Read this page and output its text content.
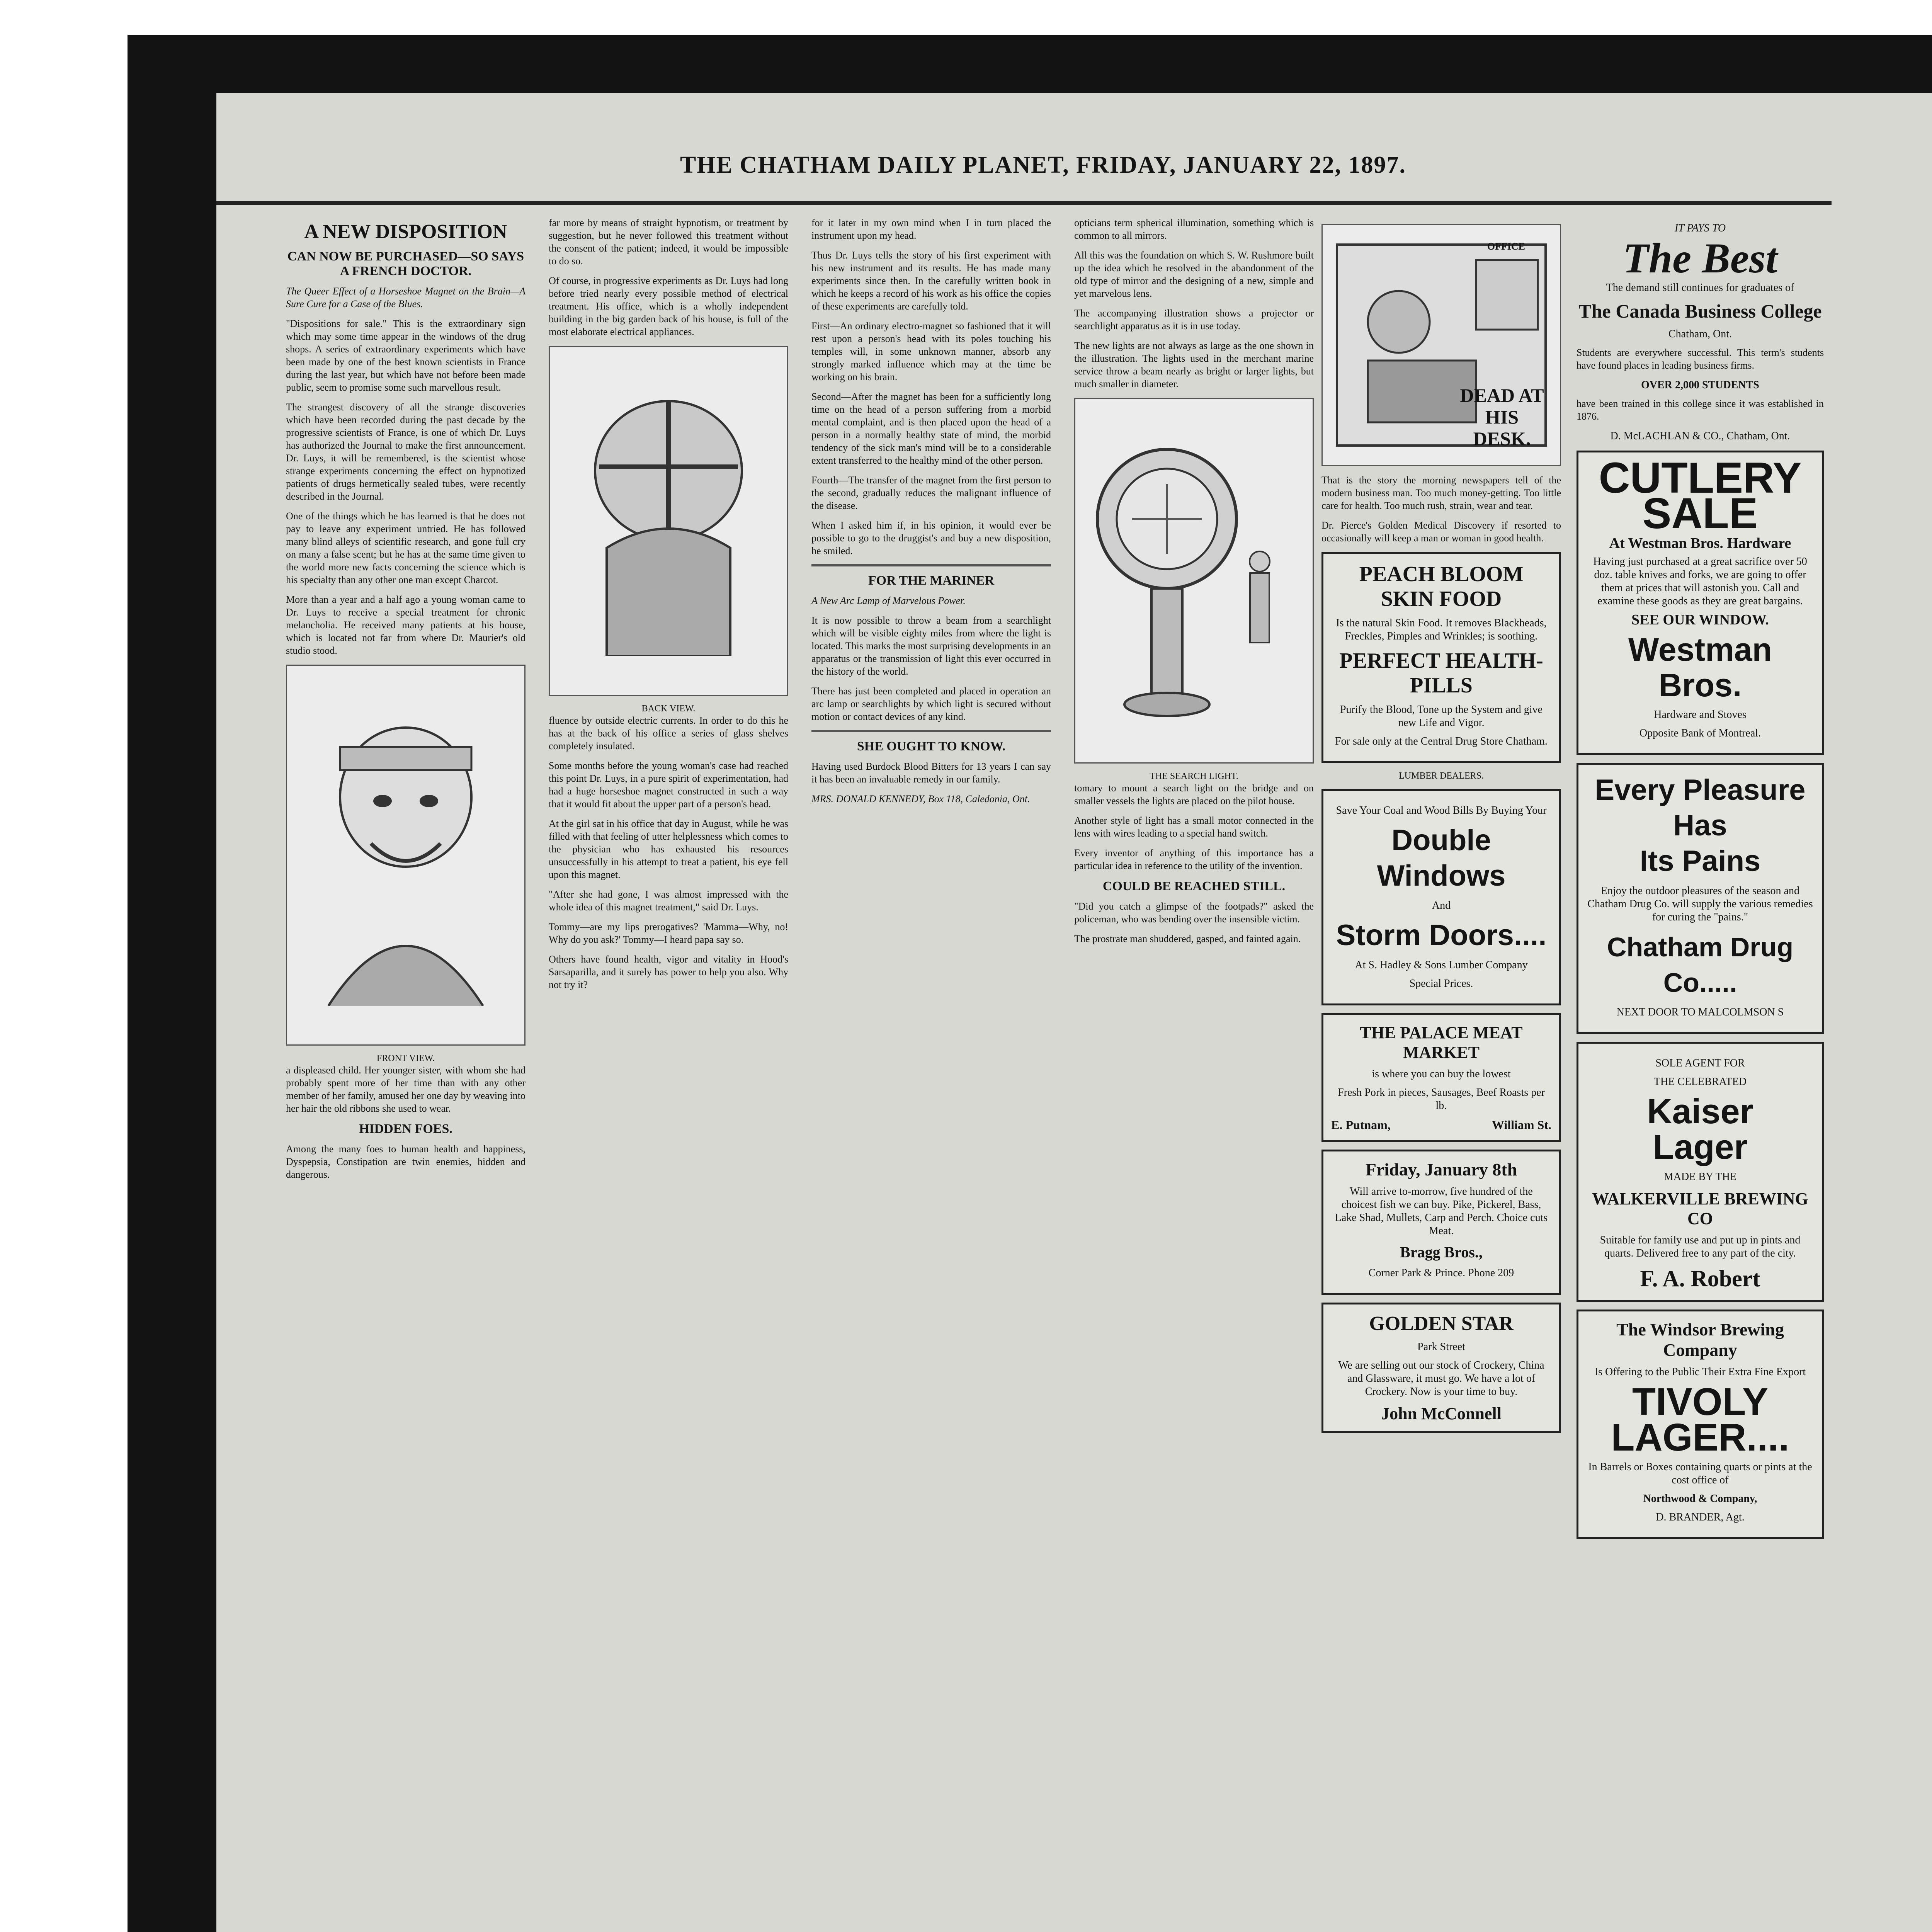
THE CHATHAM DAILY PLANET, FRIDAY, JANUARY 22, 1897.
A NEW DISPOSITION
CAN NOW BE PURCHASED—SO SAYS A FRENCH DOCTOR.

The Queer Effect of a Horseshoe Magnet on the Brain—A Sure Cure for a Case of the Blues.

"Dispositions for sale." This is the extraordinary sign which may some time appear in the windows of the drug shops. A series of extraordinary experiments which have been made by one of the best known scientists in France during the last year, but which have not before been made public, seem to promise some such marvellous result.

The strangest discovery of all the strange discoveries which have been recorded during the past decade by the progressive scientists of France, is one of which Dr. Luys has authorized the Journal to make the first announcement. Dr. Luys, it will be remembered, is the scientist whose strange experiments concerning the effect on hypnotized patients of drugs hermetically sealed tubes, were recently described in the Journal.

One of the things which he has learned is that he does not pay to leave any experiment untried. He has followed many blind alleys of scientific research, and gone full cry on many a false scent; but he has at the same time given to the world more new facts concerning the science which is his specialty than any other one man except Charcot.

More than a year and a half ago a young woman came to Dr. Luys to receive a special treatment for chronic melancholia. He received many patients at his house, which is located not far from where Dr. Maurier's old studio stood.

FRONT VIEW.

a displeased child. Her younger sister, with whom she had probably spent more of her time than with any other member of her family, amused her one day by weaving into her hair the old ribbons she used to wear.

HIDDEN FOES.

Among the many foes to human health and happiness, Dyspepsia, Constipation are twin enemies, hidden and dangerous.

far more by means of straight hypnotism, or treatment by suggestion, but he never followed this treatment without the consent of the patient; indeed, it would be impossible to do so.

Of course, in progressive experiments as Dr. Luys had long before tried nearly every possible method of electrical treatment. His office, which is a wholly independent building in the big garden back of his house, is full of the most elaborate electrical appliances.

BACK VIEW.

fluence by outside electric currents. In order to do this he has at the back of his office a series of glass shelves completely insulated.

Some months before the young woman's case had reached this point Dr. Luys, in a pure spirit of experimentation, had had a huge horseshoe magnet constructed in such a way that it would fit about the upper part of a person's head.

At the girl sat in his office that day in August, while he was filled with that feeling of utter helplessness which comes to the physician who has exhausted his resources unsuccessfully in his attempt to treat a patient, his eye fell upon this magnet.

"After she had gone, I was almost impressed with the whole idea of this magnet treatment," said Dr. Luys.

Tommy—are my lips prerogatives? 'Mamma—Why, no! Why do you ask?' Tommy—I heard papa say so.

Others have found health, vigor and vitality in Hood's Sarsaparilla, and it surely has power to help you also. Why not try it?

for it later in my own mind when I in turn placed the instrument upon my head.

Thus Dr. Luys tells the story of his first experiment with his new instrument and its results. He has made many experiments since then. In the carefully written book in which he keeps a record of his work as his office the copies of these experiments are carefully told.

First—An ordinary electro-magnet so fashioned that it will rest upon a person's head with its poles touching his temples will, in some unknown manner, absorb any strongly marked influence which may at the time be working on his brain.

Second—After the magnet has been for a sufficiently long time on the head of a person suffering from a morbid mental complaint, and is then placed upon the head of a person in a normally healthy state of mind, the morbid tendency of the sick man's mind will be to a considerable extent transferred to the healthy mind of the other person.

Fourth—The transfer of the magnet from the first person to the second, gradually reduces the malignant influence of the disease.

When I asked him if, in his opinion, it would ever be possible to go to the druggist's and buy a new disposition, he smiled.

FOR THE MARINER

A New Arc Lamp of Marvelous Power.

It is now possible to throw a beam from a searchlight which will be visible eighty miles from where the light is located. This marks the most surprising developments in an apparatus or the transmission of light this ever occurred in the history of the world.

There has just been completed and placed in operation an arc lamp or searchlights by which light is secured without motion or contact devices of any kind.

SHE OUGHT TO KNOW.

Having used Burdock Blood Bitters for 13 years I can say it has been an invaluable remedy in our family.

MRS. DONALD KENNEDY, Box 118, Caledonia, Ont.

opticians term spherical illumination, something which is common to all mirrors.

All this was the foundation on which S. W. Rushmore built up the idea which he resolved in the abandonment of the old type of mirror and the designing of a new, simple and yet marvelous lens.

The accompanying illustration shows a projector or searchlight apparatus as it is in use today.

The new lights are not always as large as the one shown in the illustration. The lights used in the merchant marine service throw a beam nearly as bright or larger lights, but much smaller in diameter.

THE SEARCH LIGHT.

tomary to mount a search light on the bridge and on smaller vessels the lights are placed on the pilot house.

Another style of light has a small motor connected in the lens with wires leading to a special hand switch.

Every inventor of anything of this importance has a particular idea in reference to the utility of the invention.

COULD BE REACHED STILL.

"Did you catch a glimpse of the footpads?" asked the policeman, who was bending over the insensible victim.

The prostrate man shuddered, gasped, and fainted again.

DEAD AT HIS DESK.
OFFICE

That is the story the morning newspapers tell of the modern business man. Too much money-getting. Too little care for health. Too much rush, strain, wear and tear.

Dr. Pierce's Golden Medical Discovery if resorted to occasionally will keep a man or woman in good health.

PEACH BLOOM SKIN FOOD
Is the natural Skin Food. It removes Blackheads, Freckles, Pimples and Wrinkles; is soothing.
PERFECT HEALTH-PILLS
Purify the Blood, Tone up the System and give new Life and Vigor.
For sale only at the Central Drug Store Chatham.
LUMBER DEALERS.
Save Your Coal and Wood Bills By Buying Your
Double Windows
And
Storm Doors....
At S. Hadley & Sons Lumber Company
Special Prices.
THE PALACE MEAT MARKET
is where you can buy the lowest
Fresh Pork in pieces, Sausages, Beef Roasts per lb.
E. Putnam,	William St.
Friday, January 8th
Will arrive to-morrow, five hundred of the choicest fish we can buy. Pike, Pickerel, Bass, Lake Shad, Mullets, Carp and Perch. Choice cuts Meat.
Bragg Bros.,
Corner Park & Prince. Phone 209
GOLDEN STAR
Park Street
We are selling out our stock of Crockery, China and Glassware, it must go. We have a lot of Crockery. Now is your time to buy.
John McConnell
IT PAYS TO
The Best
The demand still continues for graduates of
The Canada Business College
Chatham, Ont.

Students are everywhere successful. This term's students have found places in leading business firms.

OVER 2,000 STUDENTS

have been trained in this college since it was established in 1876.

D. McLACHLAN & CO., Chatham, Ont.
CUTLERY
SALE
At Westman Bros. Hardware
Having just purchased at a great sacrifice over 50 doz. table knives and forks, we are going to offer them at prices that will astonish you. Call and examine these goods as they are great bargains.
SEE OUR WINDOW.
Westman Bros.
Hardware and Stoves
Opposite Bank of Montreal.
Every Pleasure
Has
Its Pains
Enjoy the outdoor pleasures of the season and Chatham Drug Co. will supply the various remedies for curing the "pains."
Chatham Drug Co.....
NEXT DOOR TO MALCOLMSON S
SOLE AGENT FOR
THE CELEBRATED
Kaiser
Lager
MADE BY THE
WALKERVILLE BREWING CO
Suitable for family use and put up in pints and quarts. Delivered free to any part of the city.
F. A. Robert
The Windsor Brewing Company
Is Offering to the Public Their Extra Fine Export
TIVOLY
LAGER....
In Barrels or Boxes containing quarts or pints at the cost office of
Northwood & Company,
D. BRANDER, Agt.
